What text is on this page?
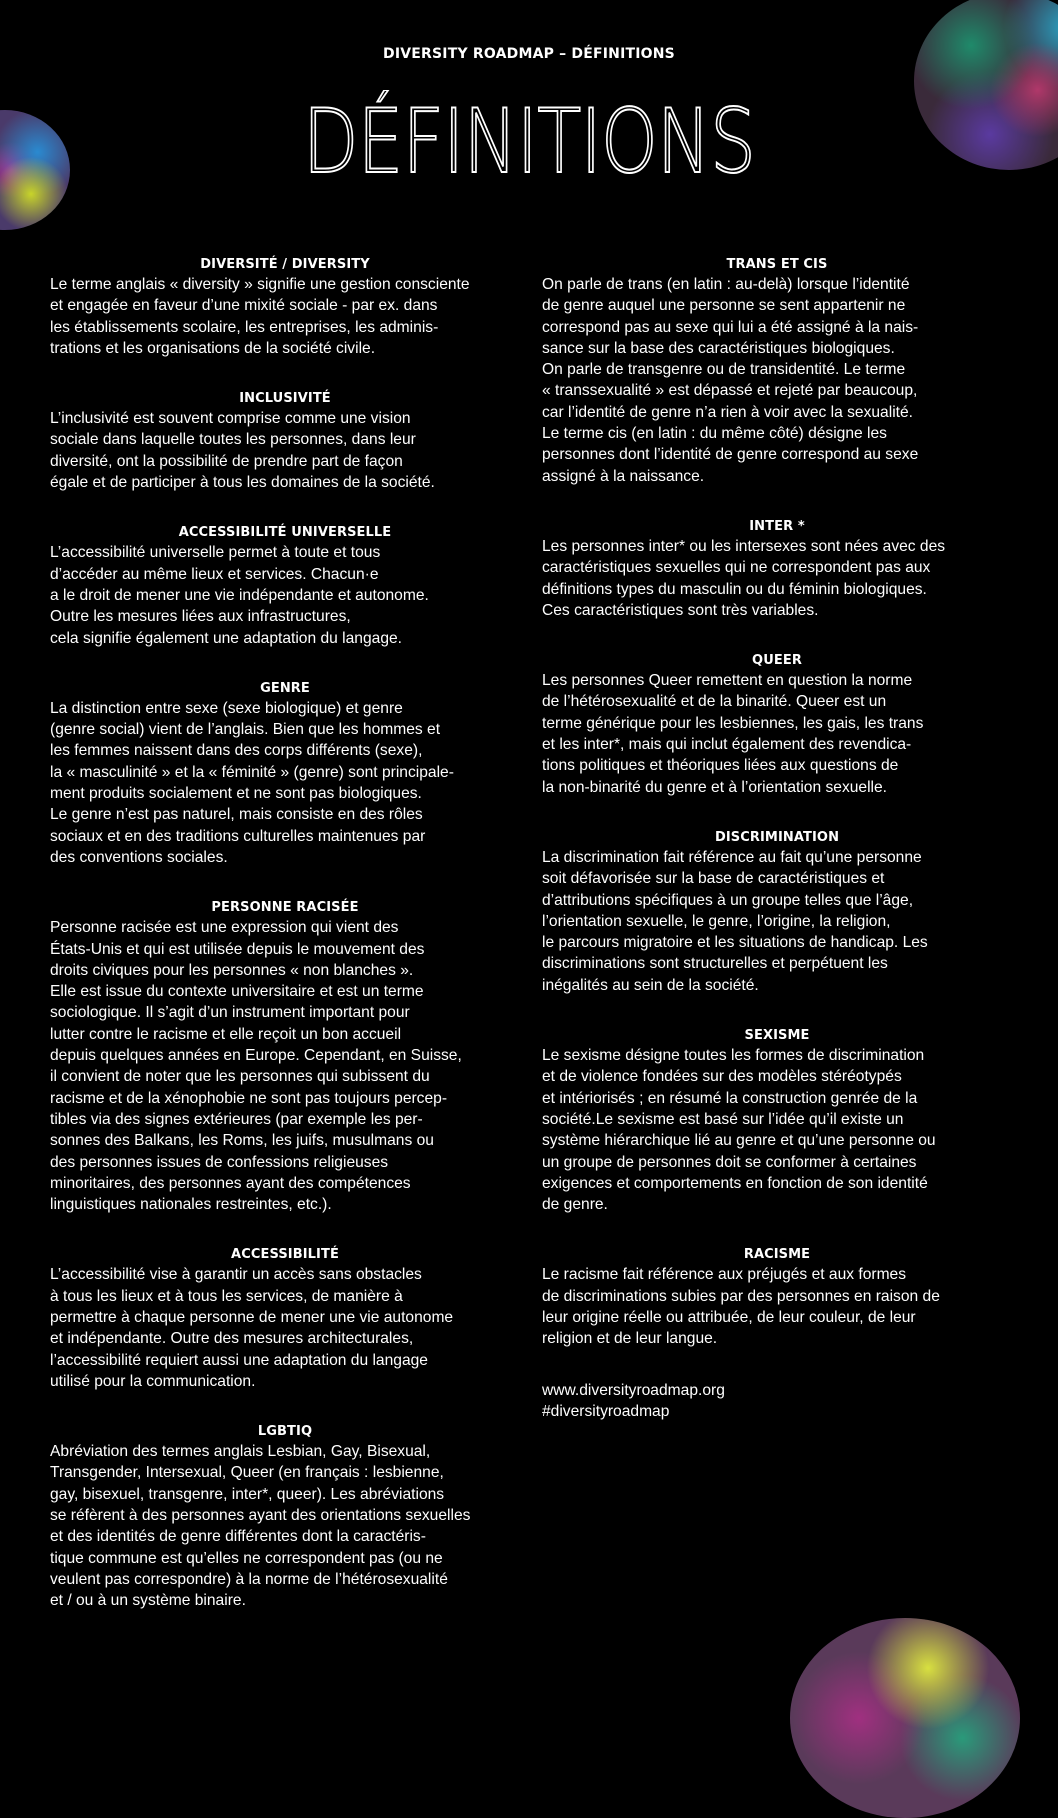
DIVERSITY ROADMAP – DÉFINITIONS
DÉFINITIONS
DIVERSITÉ / DIVERSITY

Le terme anglais « diversity » signifie une gestion consciente
et engagée en faveur d’une mixité sociale - par ex. dans
les établissements scolaire, les entreprises, les adminis-
trations et les organisations de la société civile.

INCLUSIVITÉ

L’inclusivité est souvent comprise comme une vision
sociale dans laquelle toutes les personnes, dans leur
diversité, ont la possibilité de prendre part de façon
égale et de participer à tous les domaines de la société.

ACCESSIBILITÉ UNIVERSELLE

L’accessibilité universelle permet à toute et tous
d’accéder au même lieux et services. Chacun·e
a le droit de mener une vie indépendante et autonome.
Outre les mesures liées aux infrastructures,
cela signifie également une adaptation du langage.

GENRE

La distinction entre sexe (sexe biologique) et genre
(genre social) vient de l’anglais. Bien que les hommes et
les femmes naissent dans des corps différents (sexe),
la « masculinité » et la « féminité » (genre) sont principale-
ment produits socialement et ne sont pas biologiques.
Le genre n’est pas naturel, mais consiste en des rôles
sociaux et en des traditions culturelles maintenues par
des conventions sociales.

PERSONNE RACISÉE

Personne racisée est une expression qui vient des
États-Unis et qui est utilisée depuis le mouvement des
droits civiques pour les personnes « non blanches ».
Elle est issue du contexte universitaire et est un terme
sociologique. Il s’agit d’un instrument important pour
lutter contre le racisme et elle reçoit un bon accueil
depuis quelques années en Europe. Cependant, en Suisse,
il convient de noter que les personnes qui subissent du
racisme et de la xénophobie ne sont pas toujours percep-
tibles via des signes extérieures (par exemple les per-
sonnes des Balkans, les Roms, les juifs, musulmans ou
des personnes issues de confessions religieuses
minoritaires, des personnes ayant des compétences
linguistiques nationales restreintes, etc.).

ACCESSIBILITÉ

L’accessibilité vise à garantir un accès sans obstacles
à tous les lieux et à tous les services, de manière à
permettre à chaque personne de mener une vie autonome
et indépendante. Outre des mesures architecturales,
l’accessibilité requiert aussi une adaptation du langage
utilisé pour la communication.

LGBTIQ

Abréviation des termes anglais Lesbian, Gay, Bisexual,
Transgender, Intersexual, Queer (en français : lesbienne,
gay, bisexuel, transgenre, inter*, queer). Les abréviations
se réfèrent à des personnes ayant des orientations sexuelles
et des identités de genre différentes dont la caractéris-
tique commune est qu’elles ne correspondent pas (ou ne
veulent pas correspondre) à la norme de l’hétérosexualité
et / ou à un système binaire.

TRANS ET CIS

On parle de trans (en latin : au-delà) lorsque l’identité
de genre auquel une personne se sent appartenir ne
correspond pas au sexe qui lui a été assigné à la nais-
sance sur la base des caractéristiques biologiques.
On parle de transgenre ou de transidentité. Le terme
« transsexualité » est dépassé et rejeté par beaucoup,
car l’identité de genre n’a rien à voir avec la sexualité.
Le terme cis (en latin : du même côté) désigne les
personnes dont l’identité de genre correspond au sexe
assigné à la naissance.

INTER *

Les personnes inter* ou les intersexes sont nées avec des
caractéristiques sexuelles qui ne correspondent pas aux
définitions types du masculin ou du féminin biologiques.
Ces caractéristiques sont très variables.

QUEER

Les personnes Queer remettent en question la norme
de l’hétérosexualité et de la binarité. Queer est un
terme générique pour les lesbiennes, les gais, les trans
et les inter*, mais qui inclut également des revendica-
tions politiques et théoriques liées aux questions de
la non-binarité du genre et à l’orientation sexuelle.

DISCRIMINATION

La discrimination fait référence au fait qu’une personne
soit défavorisée sur la base de caractéristiques et
d’attributions spécifiques à un groupe telles que l’âge,
l’orientation sexuelle, le genre, l’origine, la religion,
le parcours migratoire et les situations de handicap. Les
discriminations sont structurelles et perpétuent les
inégalités au sein de la société.

SEXISME

Le sexisme désigne toutes les formes de discrimination
et de violence fondées sur des modèles stéréotypés
et intériorisés ; en résumé la construction genrée de la
société.Le sexisme est basé sur l’idée qu’il existe un
système hiérarchique lié au genre et qu’une personne ou
un groupe de personnes doit se conformer à certaines
exigences et comportements en fonction de son identité
de genre.

RACISME

Le racisme fait référence aux préjugés et aux formes
de discriminations subies par des personnes en raison de
leur origine réelle ou attribuée, de leur couleur, de leur
religion et de leur langue.

www.diversityroadmap.org

#diversityroadmap
